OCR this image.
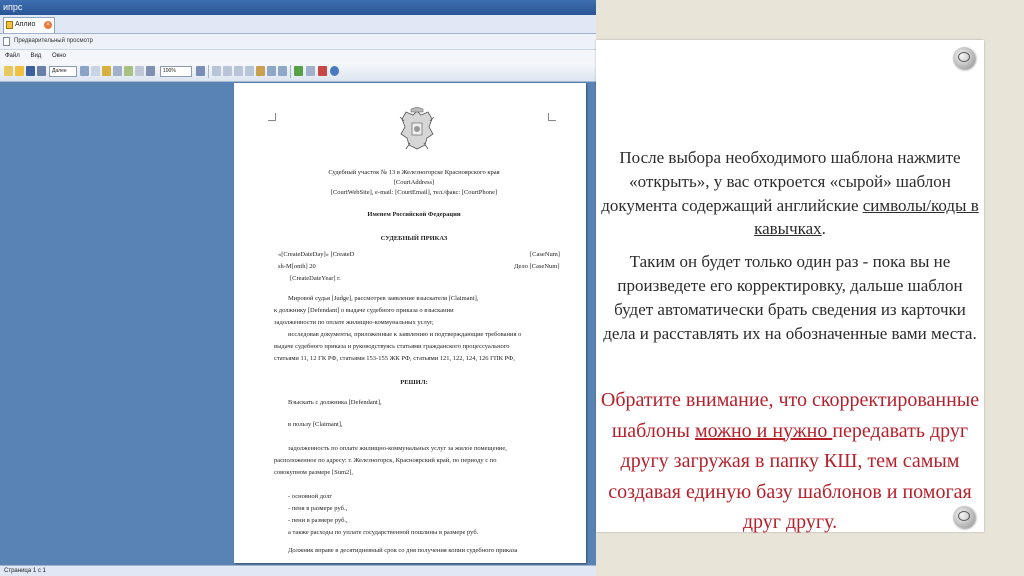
ипрс
Аплио	×
Предварительный просмотр
Файл Вид Окно
Далее	100%
Судебный участок № 13 в Железногорске Красноярского края
[CourtAddress]
[CourtWebSite], e-mail: [CourtEmail], тел./факс: [CourtPhone]
Именем Российской Федерации
СУДЕБНЫЙ ПРИКАЗ
«[CreateDateDay]» [CreateD	[CaseNum]
sh-M[onth] 20	Дело [CaseNum]
[CreateDateYear] г.
Мировой судья [Judge], рассмотрев заявление взыскателя [Claimant],
к должнику [Defendant] о выдаче судебного приказа о взыскании
задолженности по оплате жилищно-коммунальных услуг,
исследовав документы, приложенные к заявлению и подтверждающие требования о
выдаче судебного приказа и руководствуясь статьями гражданского процессуального
статьями 11, 12 ГК РФ, статьями 153-155 ЖК РФ, статьями 121, 122, 124, 126 ГПК РФ,
РЕШИЛ:
Взыскать с должника [Defendant],
в пользу [Claimant],
задолженность по оплате жилищно-коммунальных услуг за жилое помещение,
расположенное по адресу: г. Железногорск, Красноярский край, по периоду с по
совокупном размере [Sum2],
- основной долг
- пеня в размере руб.,
- пени в размере руб.,
а также расходы по уплате государственной пошлины в размере руб.
Должник вправе в десятидневный срок со дня получения копии судебного приказа
Страница 1 с 1
После выбора необходимого шаблона нажмите «открыть», у вас откроется «сырой» шаблон документа содержащий английские символы/коды в кавычках.
Таким он будет только один раз - пока вы не произведете его корректировку, дальше шаблон будет автоматически брать сведения из карточки дела и расставлять их на обозначенные вами места.
Обратите внимание, что скорректированные шаблоны можно и нужно передавать друг другу загружая в папку КШ, тем самым создавая единую базу шаблонов и помогая друг другу.
